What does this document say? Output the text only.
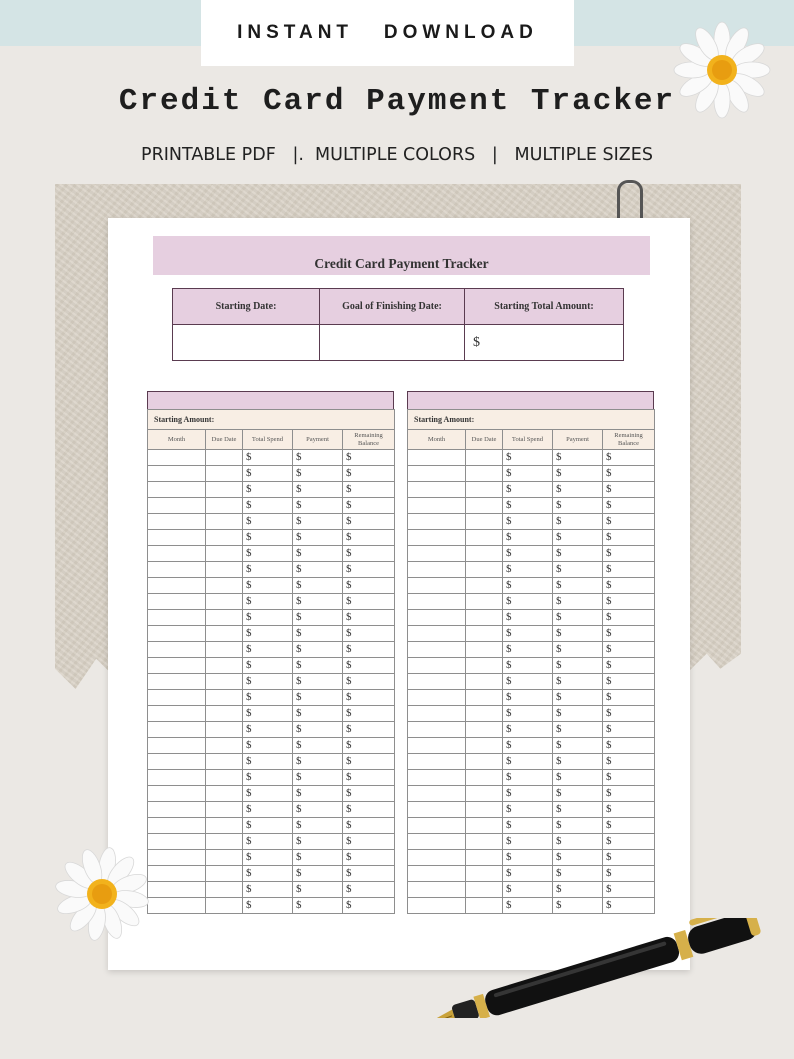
INSTANT   DOWNLOAD
Credit Card Payment Tracker
PRINTABLE PDF   |.  MULTIPLE COLORS   |   MULTIPLE SIZES
Credit Card Payment Tracker
Starting Date:	Goal of Finishing Date:	Starting Total Amount:
		$
Starting Amount:				
Month	Due Date	Total Spend	Payment	Remaining Balance
		$	$	$
		$	$	$
		$	$	$
		$	$	$
		$	$	$
		$	$	$
		$	$	$
		$	$	$
		$	$	$
		$	$	$
		$	$	$
		$	$	$
		$	$	$
		$	$	$
		$	$	$
		$	$	$
		$	$	$
		$	$	$
		$	$	$
		$	$	$
		$	$	$
		$	$	$
		$	$	$
		$	$	$
		$	$	$
		$	$	$
		$	$	$
		$	$	$
		$	$	$
Starting Amount:				
Month	Due Date	Total Spend	Payment	Remaining Balance
		$	$	$
		$	$	$
		$	$	$
		$	$	$
		$	$	$
		$	$	$
		$	$	$
		$	$	$
		$	$	$
		$	$	$
		$	$	$
		$	$	$
		$	$	$
		$	$	$
		$	$	$
		$	$	$
		$	$	$
		$	$	$
		$	$	$
		$	$	$
		$	$	$
		$	$	$
		$	$	$
		$	$	$
		$	$	$
		$	$	$
		$	$	$
		$	$	$
		$	$	$
